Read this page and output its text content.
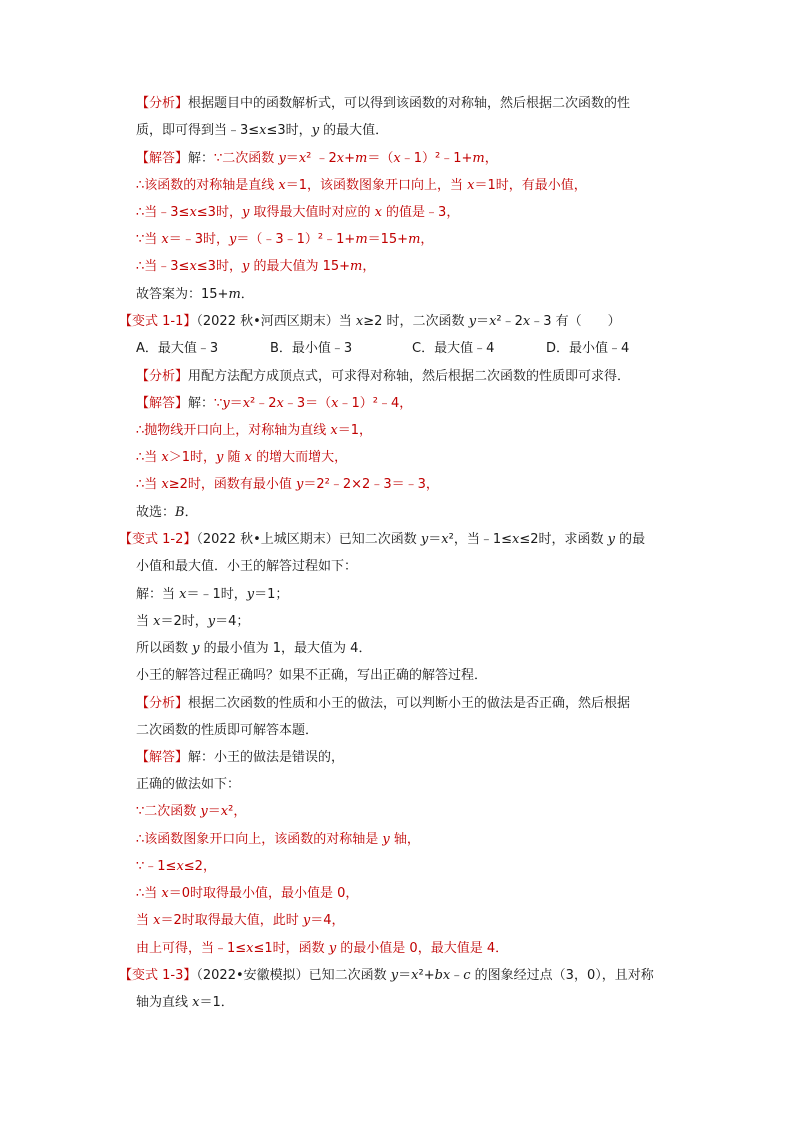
【分析】根据题目中的函数解析式，可以得到该函数的对称轴，然后根据二次函数的性
质，即可得到当﹣3≤x≤3时，y 的最大值．
【解答】解：∵二次函数 y＝x² ﹣2x+m＝（x﹣1）²﹣1+m，
∴该函数的对称轴是直线 x＝1，该函数图象开口向上，当 x＝1时，有最小值，
∴当﹣3≤x≤3时，y 取得最大值时对应的 x 的值是﹣3，
∵当 x＝﹣3时，y＝（﹣3﹣1）²﹣1+m＝15+m，
∴当﹣3≤x≤3时，y 的最大值为 15+m，
故答案为：15+m．
【变式 1-1】（2022 秋•河西区期末）当 x≥2 时，二次函数 y＝x²﹣2x﹣3 有（　　）
A．最大值﹣3	B．最小值﹣3	C．最大值﹣4	D．最小值﹣4
【分析】用配方法配方成顶点式，可求得对称轴，然后根据二次函数的性质即可求得．
【解答】解：∵y＝x²﹣2x﹣3＝（x﹣1）²﹣4，
∴抛物线开口向上，对称轴为直线 x＝1，
∴当 x＞1时，y 随 x 的增大而增大，
∴当 x≥2时，函数有最小值 y＝2²﹣2×2﹣3＝﹣3，
故选：B．
【变式 1-2】（2022 秋•上城区期末）已知二次函数 y＝x²，当﹣1≤x≤2时，求函数 y 的最
小值和最大值．小王的解答过程如下：
解：当 x＝﹣1时，y＝1；
当 x＝2时，y＝4；
所以函数 y 的最小值为 1，最大值为 4．
小王的解答过程正确吗？如果不正确，写出正确的解答过程．
【分析】根据二次函数的性质和小王的做法，可以判断小王的做法是否正确，然后根据
二次函数的性质即可解答本题．
【解答】解：小王的做法是错误的，
正确的做法如下：
∵二次函数 y＝x²，
∴该函数图象开口向上，该函数的对称轴是 y 轴，
∵﹣1≤x≤2，
∴当 x＝0时取得最小值，最小值是 0，
当 x＝2时取得最大值，此时 y＝4，
由上可得，当﹣1≤x≤1时，函数 y 的最小值是 0，最大值是 4．
【变式 1-3】（2022•安徽模拟）已知二次函数 y＝x²+bx﹣c 的图象经过点（3，0），且对称
轴为直线 x＝1．
